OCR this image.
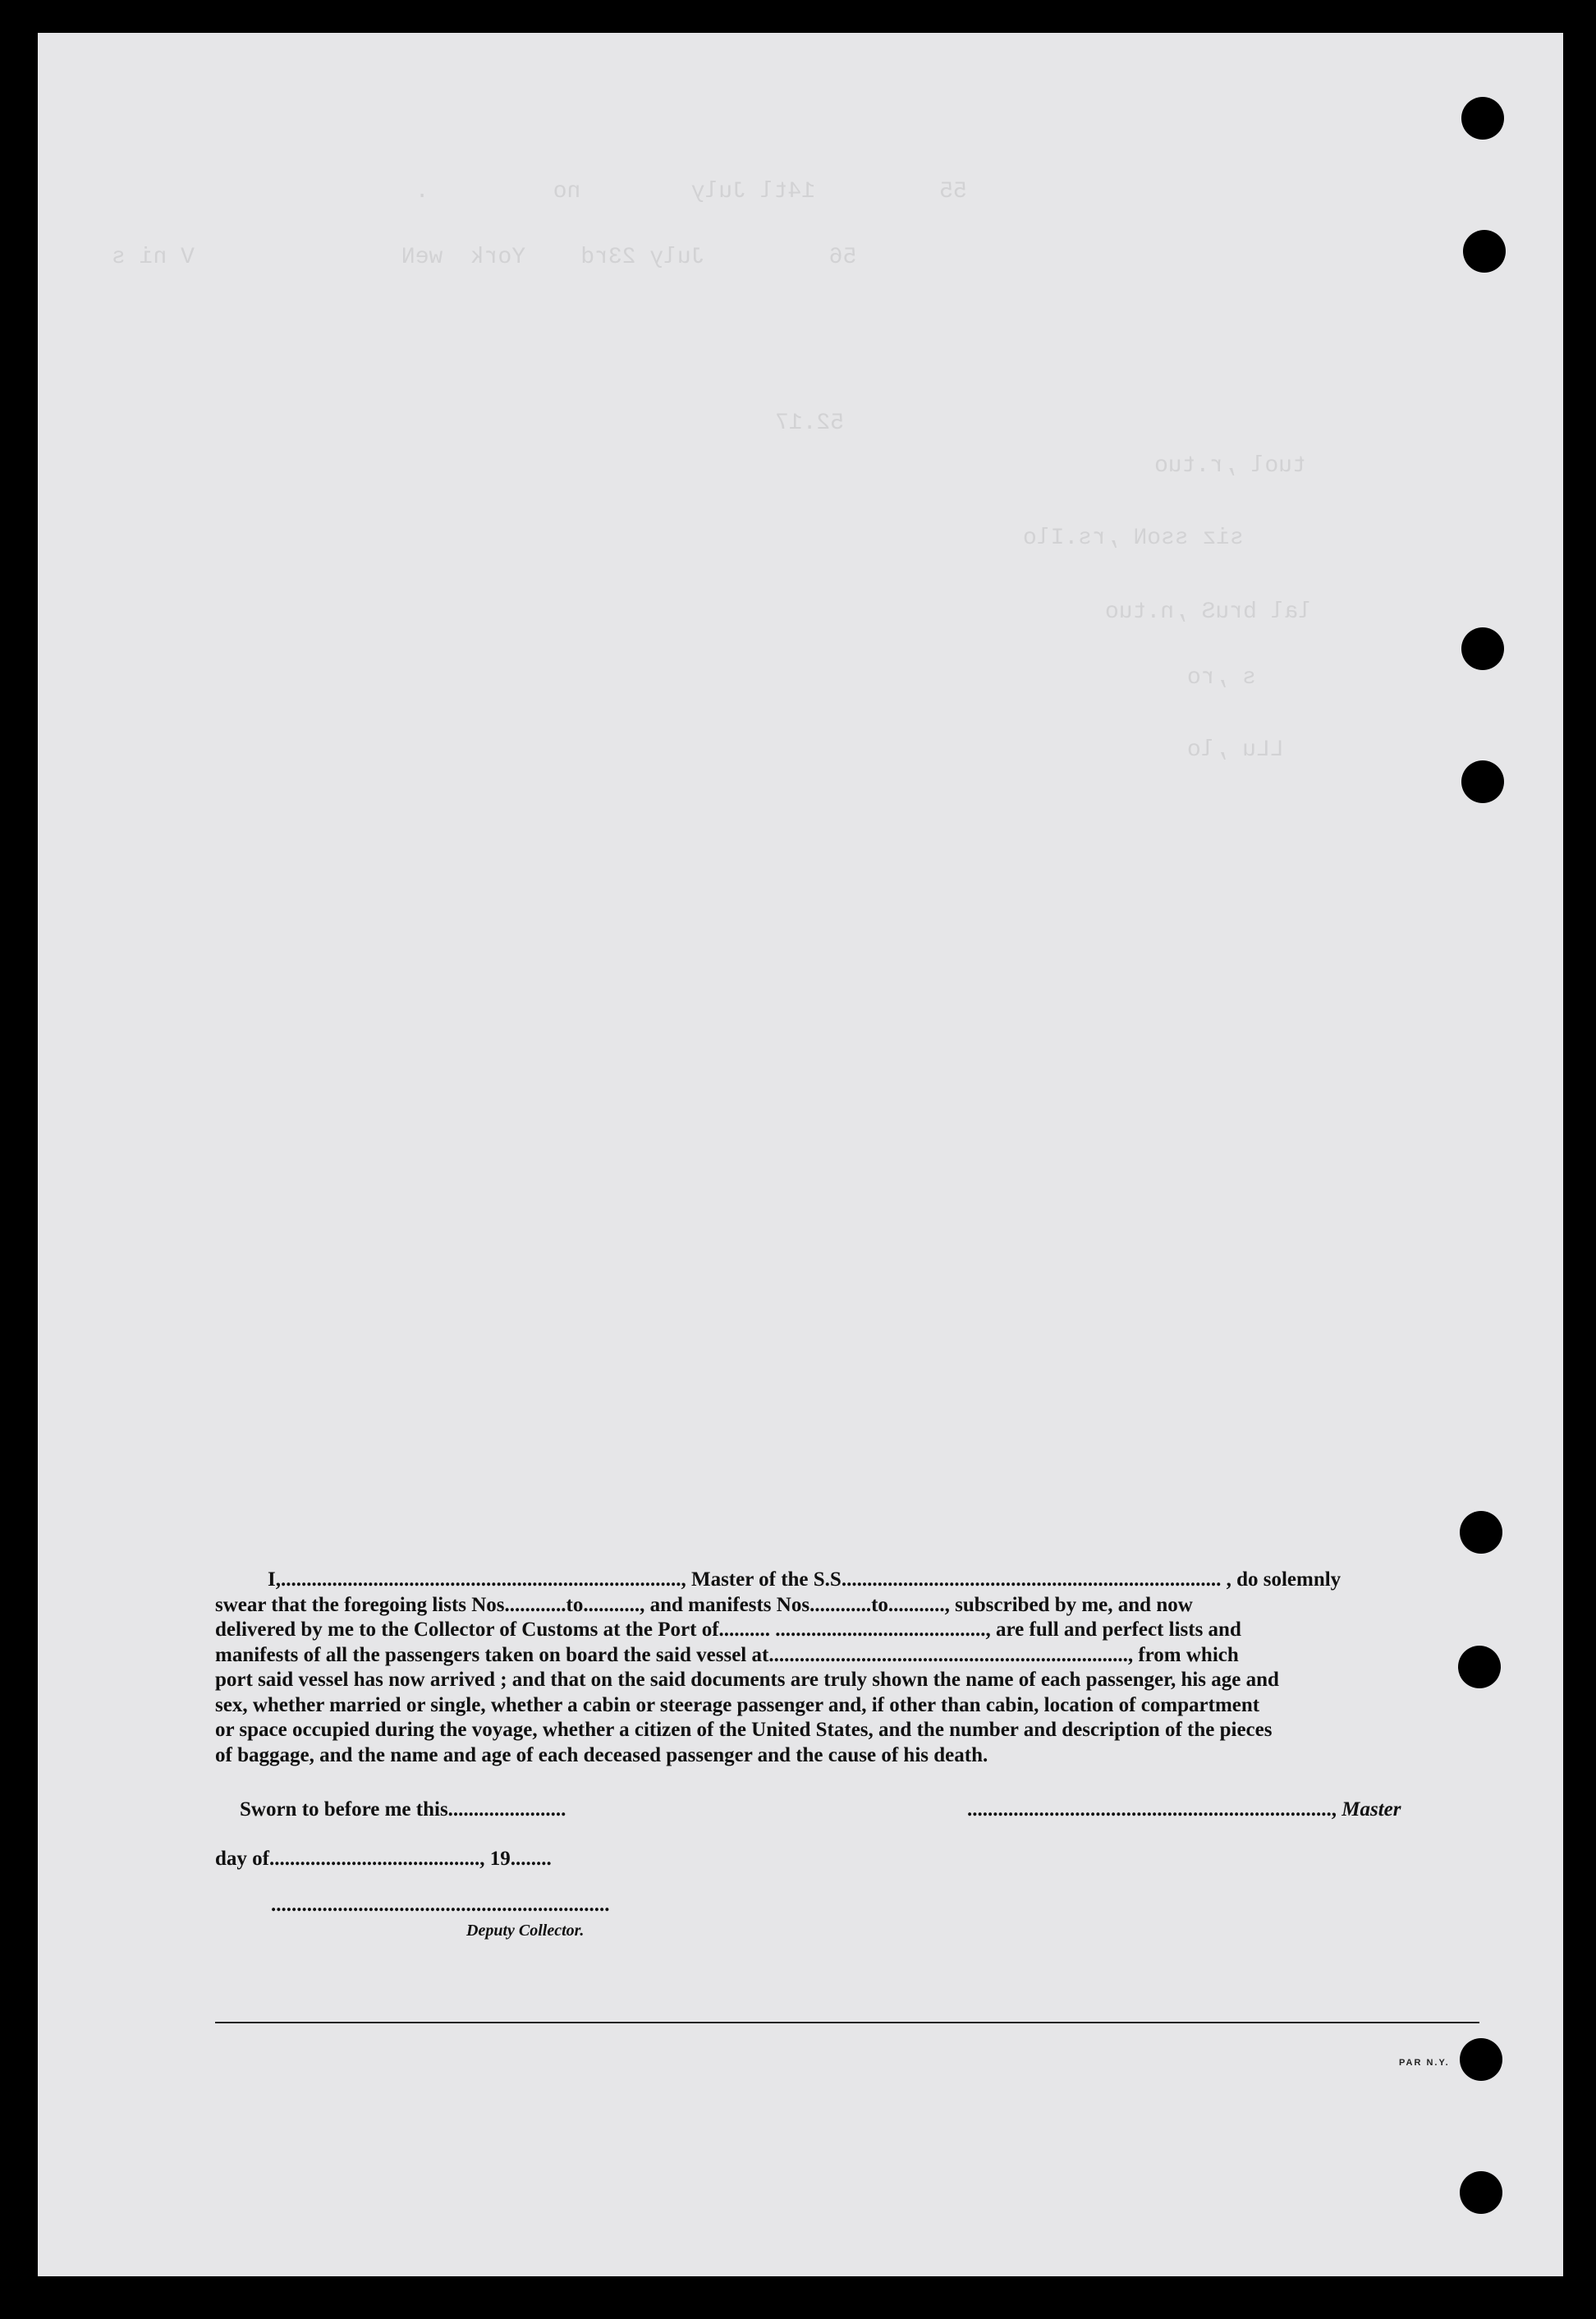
55         14tl July        no         .
56         July 23rd    York  weN               V ni s
52.17
tuol ,r.tuo
siz ssoN ,rs.Ilo
lal bruS ,n.tuo
s ,ro
LLu ,lo

I,.............................................................................., Master of the S.S.......................................................................... , do solemnly

swear that the foregoing lists Nos............to..........., and manifests Nos............to..........., subscribed by me, and now

delivered by me to the Collector of Customs at the Port of.......... ........................................., are full and perfect lists and

manifests of all the passengers taken on board the said vessel at......................................................................, from which

port said vessel has now arrived ; and that on the said documents are truly shown the name of each passenger, his age and

sex, whether married or single, whether a cabin or steerage passenger and, if other than cabin, location of compartment

or space occupied during the voyage, whether a citizen of the United States, and the number and description of the pieces

of baggage, and the name and age of each deceased passenger and the cause of his death.

Sworn to before me this.......................	......................................................................., Master
day of........................................., 19........
..................................................................
Deputy Collector.
PAR N.Y.
